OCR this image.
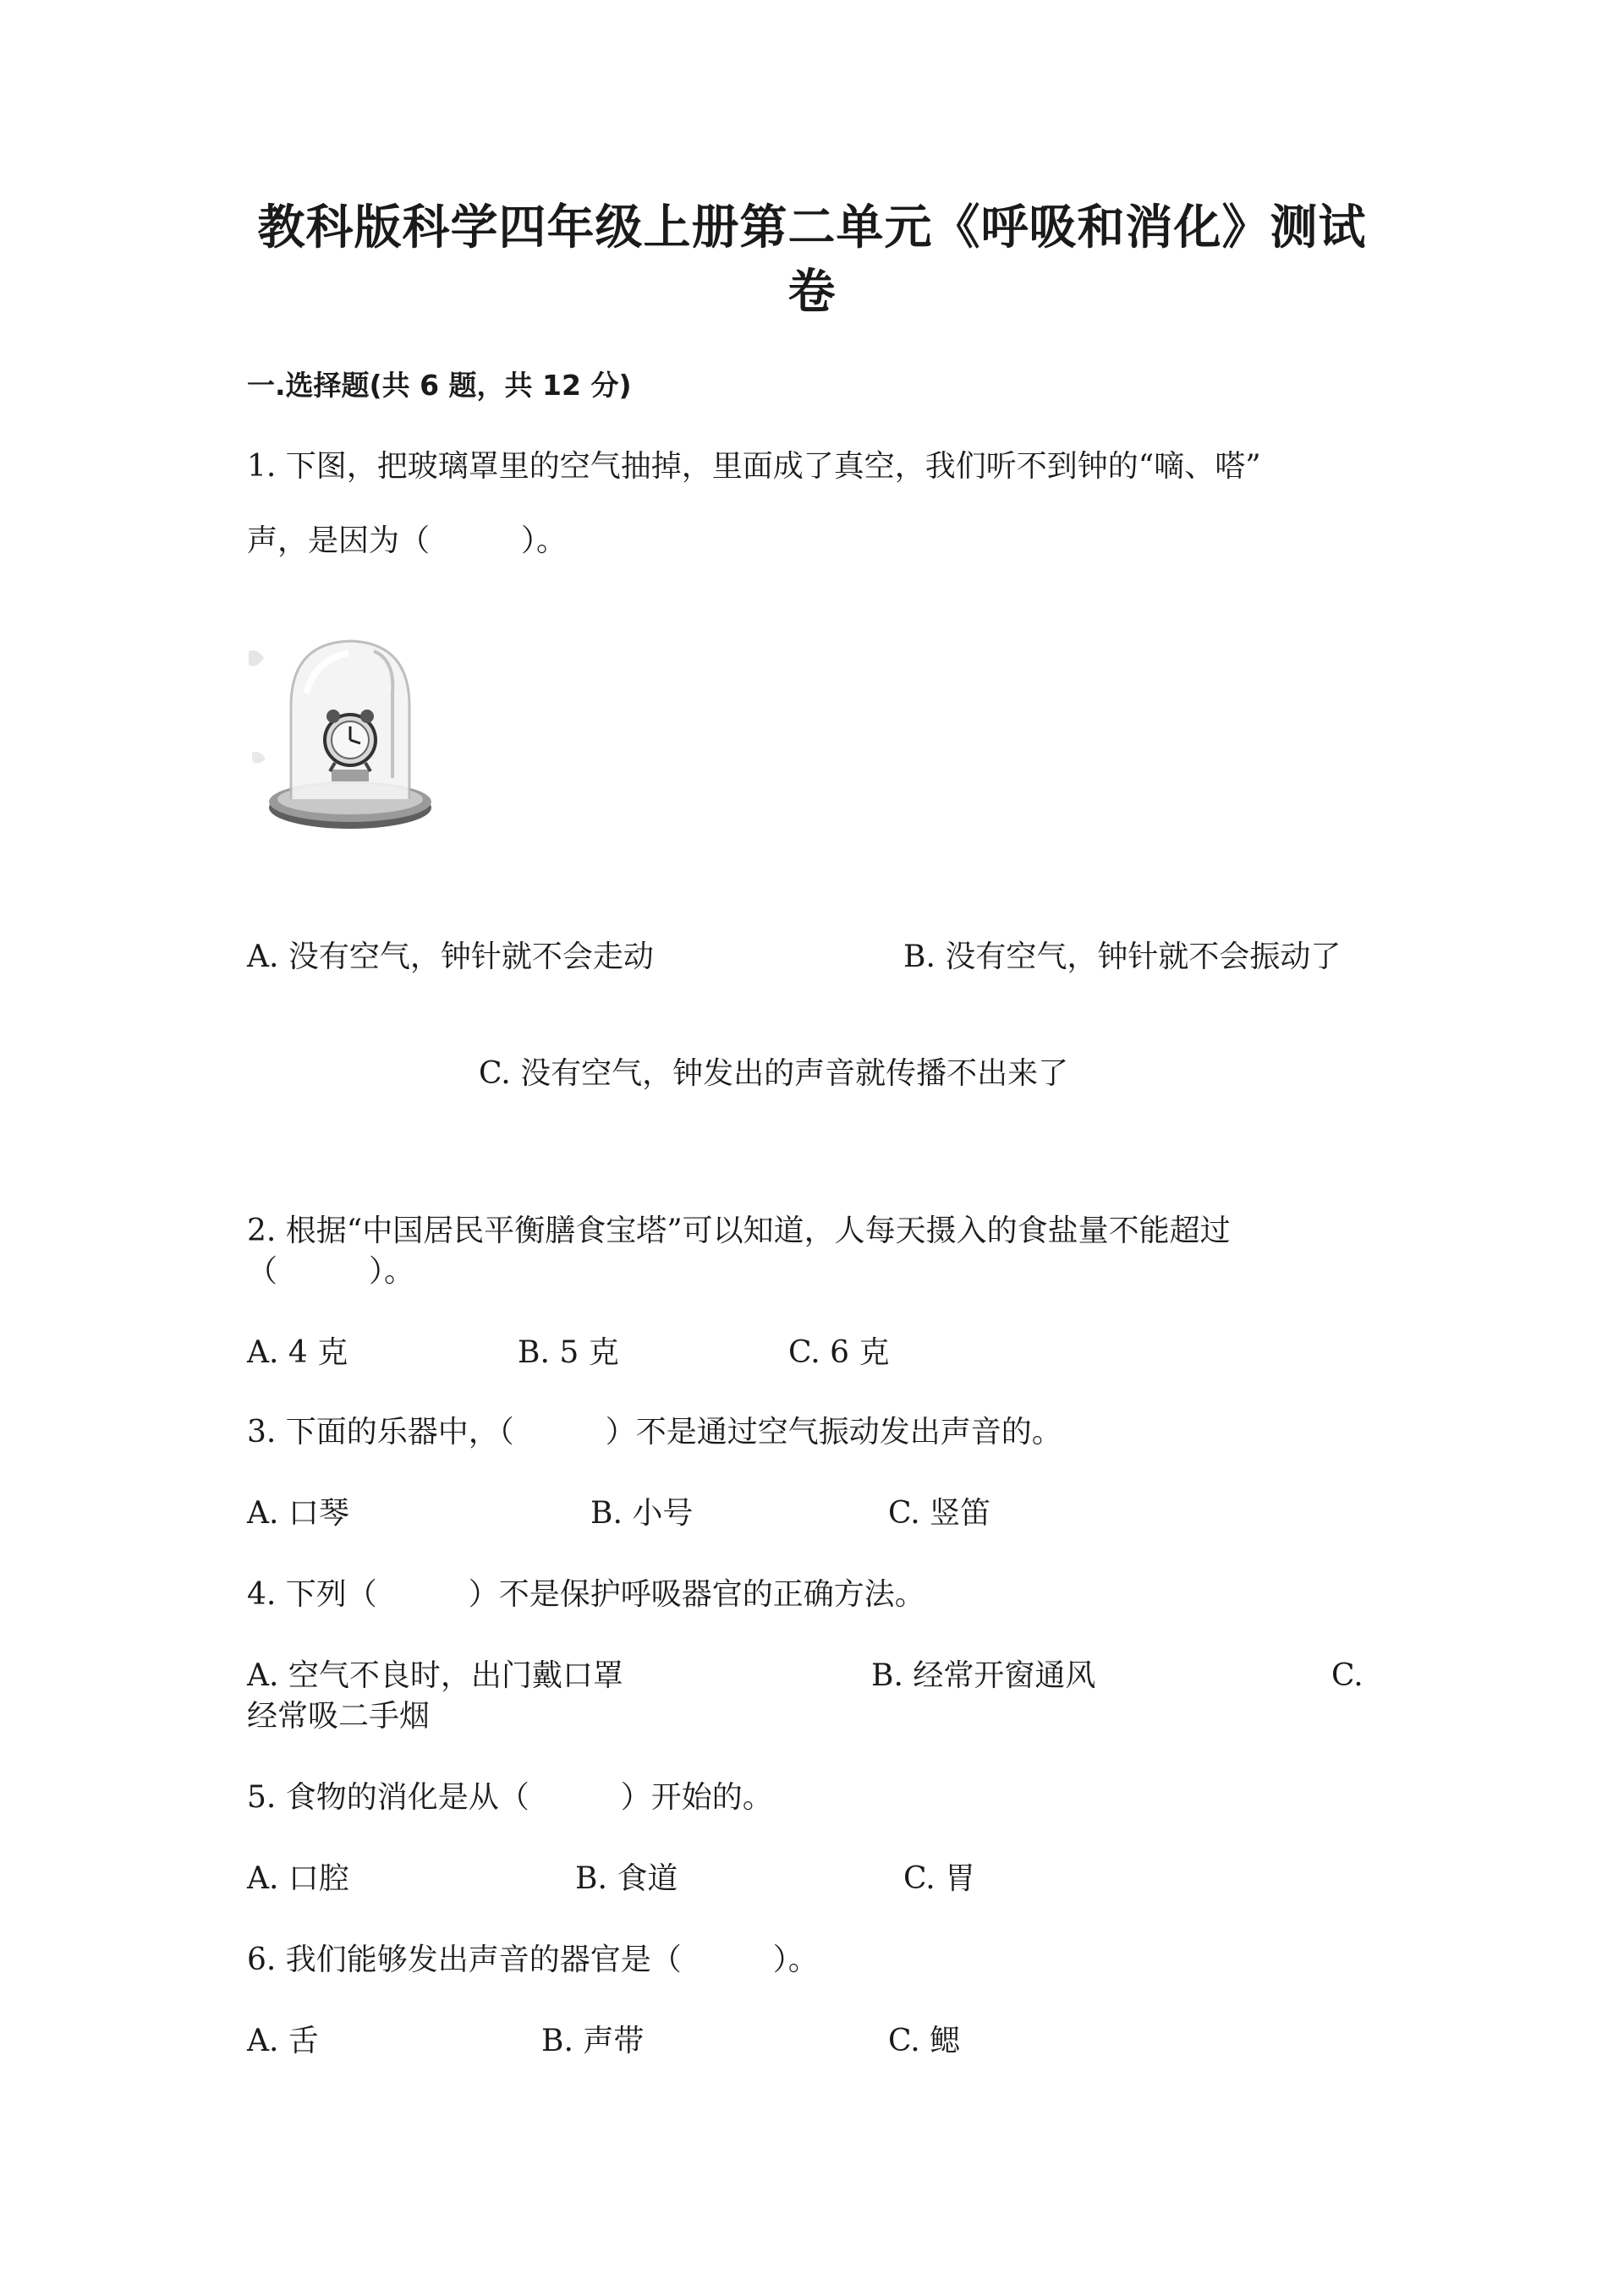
教科版科学四年级上册第二单元《呼吸和消化》测试卷
一.选择题(共 6 题，共 12 分)
1. 下图，把玻璃罩里的空气抽掉，里面成了真空，我们听不到钟的“嘀、嗒”
声，是因为（　　　）。
A. 没有空气，钟针就不会走动	B. 没有空气，钟针就不会振动了
C. 没有空气，钟发出的声音就传播不出来了
2. 根据“中国居民平衡膳食宝塔”可以知道，人每天摄入的食盐量不能超过
（　　　）。
A. 4 克	B. 5 克	C. 6 克
3. 下面的乐器中，（　　　）不是通过空气振动发出声音的。
A. 口琴	B. 小号	C. 竖笛
4. 下列（　　　）不是保护呼吸器官的正确方法。
A. 空气不良时，出门戴口罩	B. 经常开窗通风	C.
经常吸二手烟
5. 食物的消化是从（　　　）开始的。
A. 口腔	B. 食道	C. 胃
6. 我们能够发出声音的器官是（　　　）。
A. 舌	B. 声带	C. 鳃
